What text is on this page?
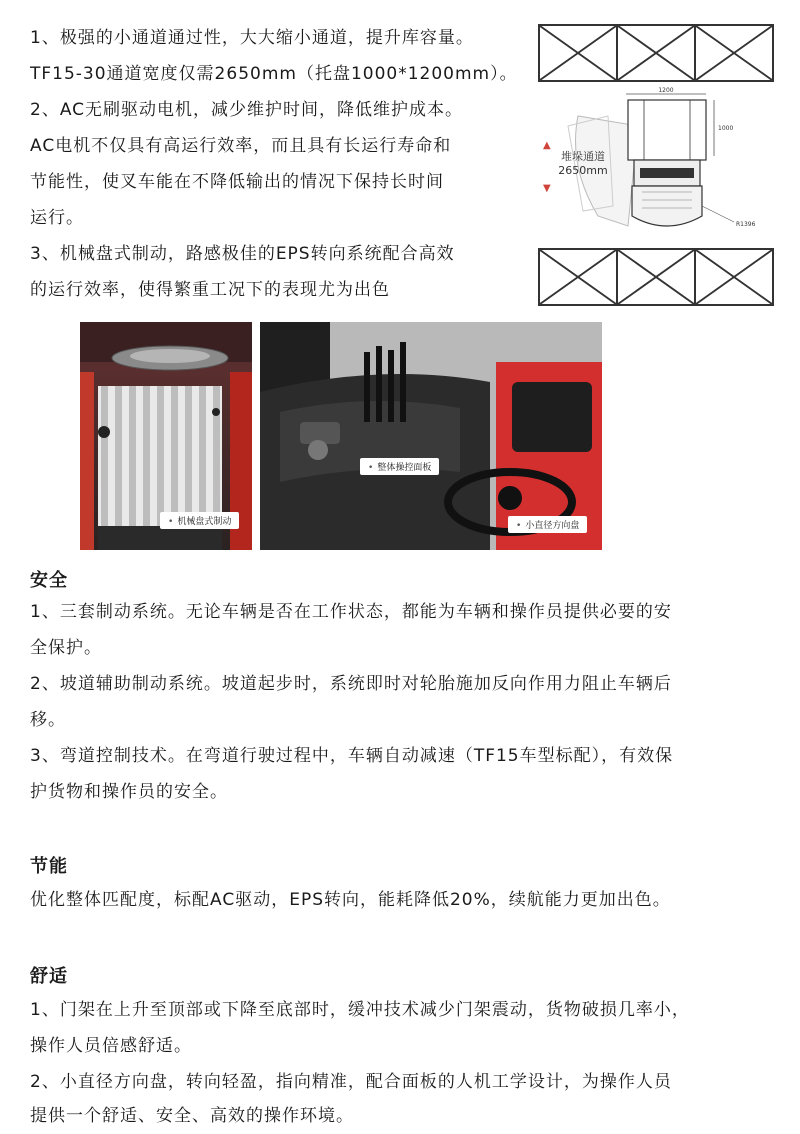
1、极强的小通道通过性，大大缩小通道，提升库容量。
TF15-30通道宽度仅需2650mm（托盘1000*1200mm）。
2、AC无刷驱动电机，减少维护时间，降低维护成本。
AC电机不仅具有高运行效率，而且具有长运行寿命和
节能性，使叉车能在不降低输出的情况下保持长时间
运行。
3、机械盘式制动，路感极佳的EPS转向系统配合高效
的运行效率，使得繁重工况下的表现尤为出色
1200
1000
R1396
▲
堆垛通道
2650mm
▼
• 机械盘式制动
• 整体操控面板
• 小直径方向盘
安全
1、三套制动系统。无论车辆是否在工作状态，都能为车辆和操作员提供必要的安
全保护。
2、坡道辅助制动系统。坡道起步时，系统即时对轮胎施加反向作用力阻止车辆后
移。
3、弯道控制技术。在弯道行驶过程中，车辆自动减速（TF15车型标配），有效保
护货物和操作员的安全。
节能
优化整体匹配度，标配AC驱动，EPS转向，能耗降低20%，续航能力更加出色。
舒适
1、门架在上升至顶部或下降至底部时，缓冲技术减少门架震动，货物破损几率小，
操作人员倍感舒适。
2、小直径方向盘，转向轻盈，指向精准，配合面板的人机工学设计，为操作人员
提供一个舒适、安全、高效的操作环境。
